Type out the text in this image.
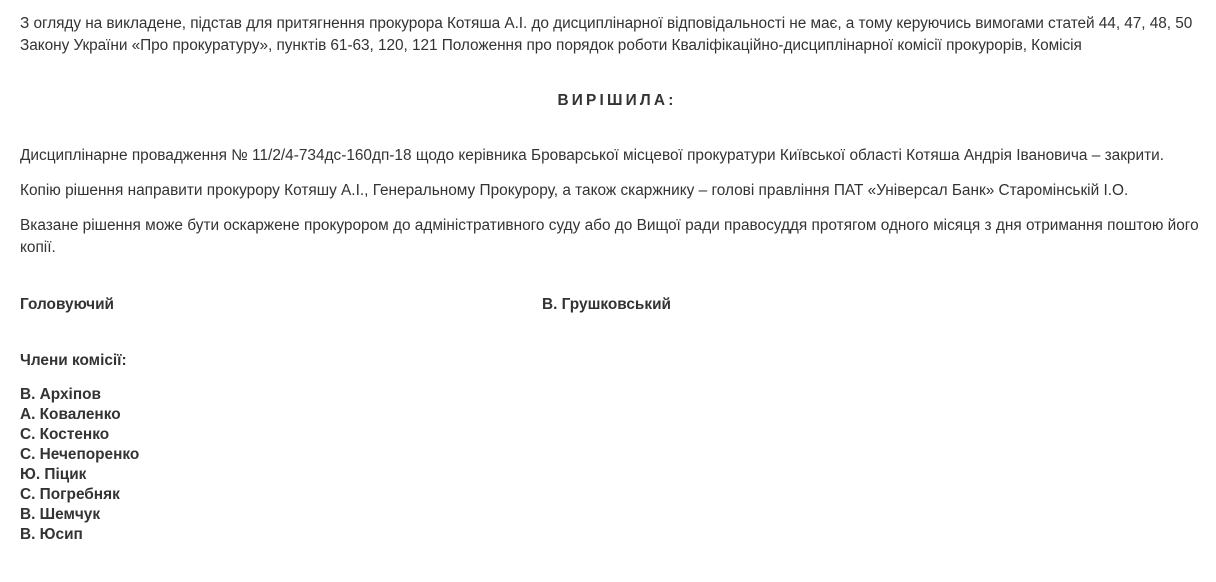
З огляду на викладене, підстав для притягнення прокурора Котяша А.І. до дисциплінарної відповідальності не має, а тому керуючись вимогами статей 44, 47, 48, 50 Закону України «Про прокуратуру», пунктів 61-63, 120, 121 Положення про порядок роботи Кваліфікаційно-дисциплінарної комісії прокурорів, Комісія

ВИРІШИЛА:

Дисциплінарне провадження № 11/2/4-734дс-160дп-18 щодо керівника Броварської місцевої прокуратури Київської області Котяша Андрія Івановича – закрити.

Копію рішення направити прокурору Котяшу А.І., Генеральному Прокурору, а також скаржнику – голові правління ПАТ «Універсал Банк» Старомінській І.О.

Вказане рішення може бути оскаржене прокурором до адміністративного суду або до Вищої ради правосуддя протягом одного місяця з дня отримання поштою його копії.

Головуючий	В. Грушковський

Члени комісії:

В. Архіпов
А. Коваленко
С. Костенко
С. Нечепоренко
Ю. Піцик
С. Погребняк
В. Шемчук
В. Юсип
